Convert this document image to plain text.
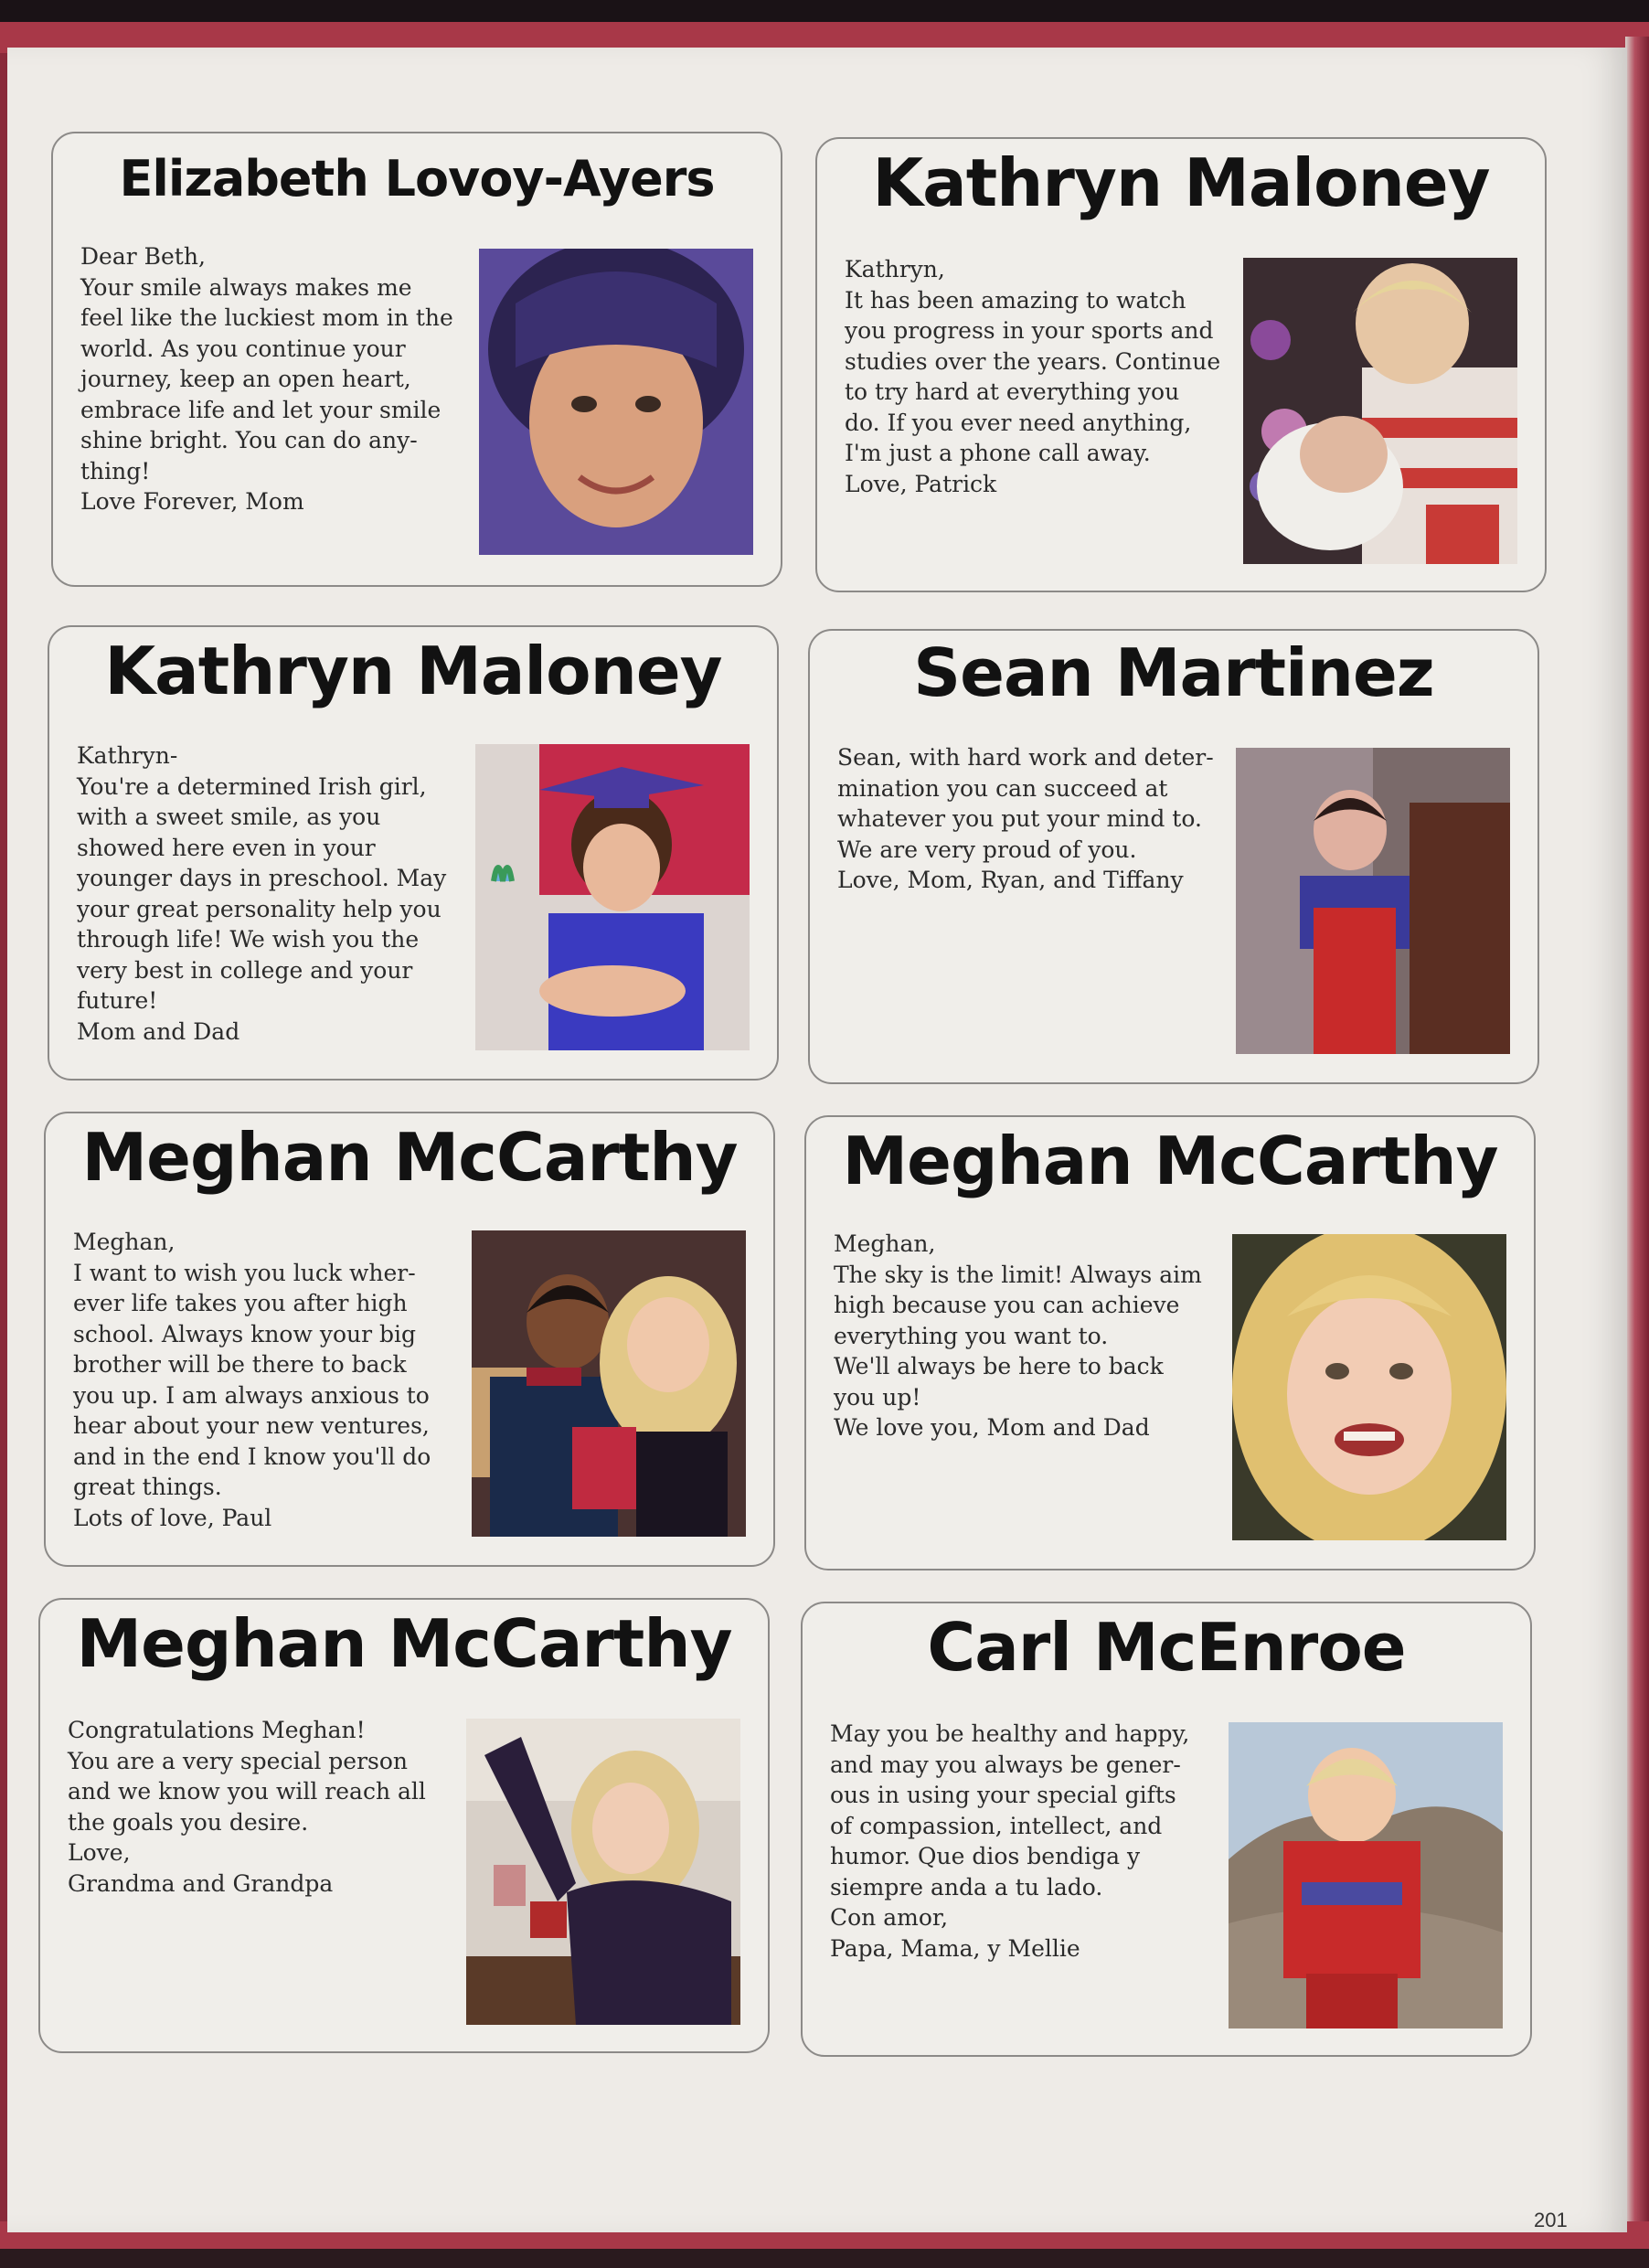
Elizabeth Lovoy-Ayers
Dear Beth,
Your smile always makes me
feel like the luckiest mom in the
world. As you continue your
journey, keep an open heart,
embrace life and let your smile
shine bright. You can do any-
thing!
Love Forever, Mom
Kathryn Maloney
Kathryn,
It has been amazing to watch
you progress in your sports and
studies over the years. Continue
to try hard at everything you
do. If you ever need anything,
I'm just a phone call away.
Love, Patrick
Kathryn Maloney
Kathryn-
You're a determined Irish girl,
with a sweet smile, as you
showed here even in your
younger days in preschool. May
your great personality help you
through life! We wish you the
very best in college and your
future!
Mom and Dad
Sean Martinez
Sean, with hard work and deter-
mination you can succeed at
whatever you put your mind to.
We are very proud of you.
Love, Mom, Ryan, and Tiffany
Meghan McCarthy
Meghan,
I want to wish you luck wher-
ever life takes you after high
school. Always know your big
brother will be there to back
you up. I am always anxious to
hear about your new ventures,
and in the end I know you'll do
great things.
Lots of love, Paul
Meghan McCarthy
Meghan,
The sky is the limit! Always aim
high because you can achieve
everything you want to.
We'll always be here to back
you up!
We love you, Mom and Dad
Meghan McCarthy
Congratulations Meghan!
You are a very special person
and we know you will reach all
the goals you desire.
Love,
Grandma and Grandpa
Carl McEnroe
May you be healthy and happy,
and may you always be gener-
ous in using your special gifts
of compassion, intellect, and
humor. Que dios bendiga y
siempre anda a tu lado.
Con amor,
Papa, Mama, y Mellie
201
